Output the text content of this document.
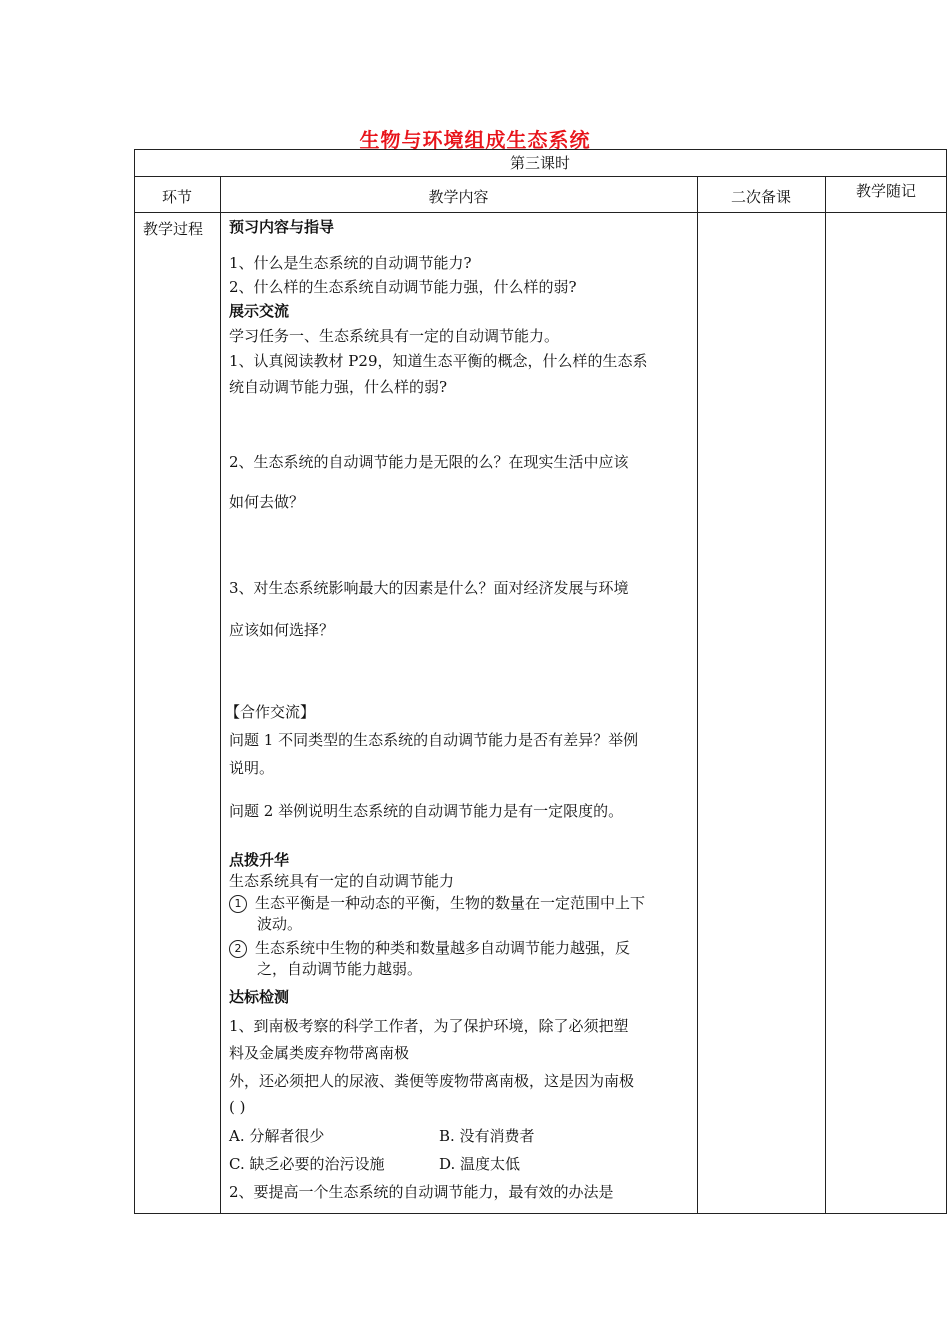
生物与环境组成生态系统
第三课时
环节	教学内容	二次备课	教学随记
教学过程 预习内容与指导
1、什么是生态系统的自动调节能力?
2、什么样的生态系统自动调节能力强，什么样的弱?
展示交流
学习任务一、生态系统具有一定的自动调节能力。
1、认真阅读教材 P29，知道生态平衡的概念，什么样的生态系
统自动调节能力强，什么样的弱?
2、生态系统的自动调节能力是无限的么？在现实生活中应该
如何去做？
3、对生态系统影响最大的因素是什么？面对经济发展与环境
应该如何选择？
【合作交流】
问题 1 不同类型的生态系统的自动调节能力是否有差异？举例
说明。
问题 2 举例说明生态系统的自动调节能力是有一定限度的。
点拨升华
生态系统具有一定的自动调节能力
1 生态平衡是一种动态的平衡，生物的数量在一定范围中上下
波动。
2 生态系统中生物的种类和数量越多自动调节能力越强，反
之，自动调节能力越弱。
达标检测
1、到南极考察的科学工作者，为了保护环境，除了必须把塑
料及金属类废弃物带离南极
外，还必须把人的尿液、粪便等废物带离南极，这是因为南极
( )
A. 分解者很少	B. 没有消费者
C. 缺乏必要的治污设施	D. 温度太低
2、要提高一个生态系统的自动调节能力，最有效的办法是
